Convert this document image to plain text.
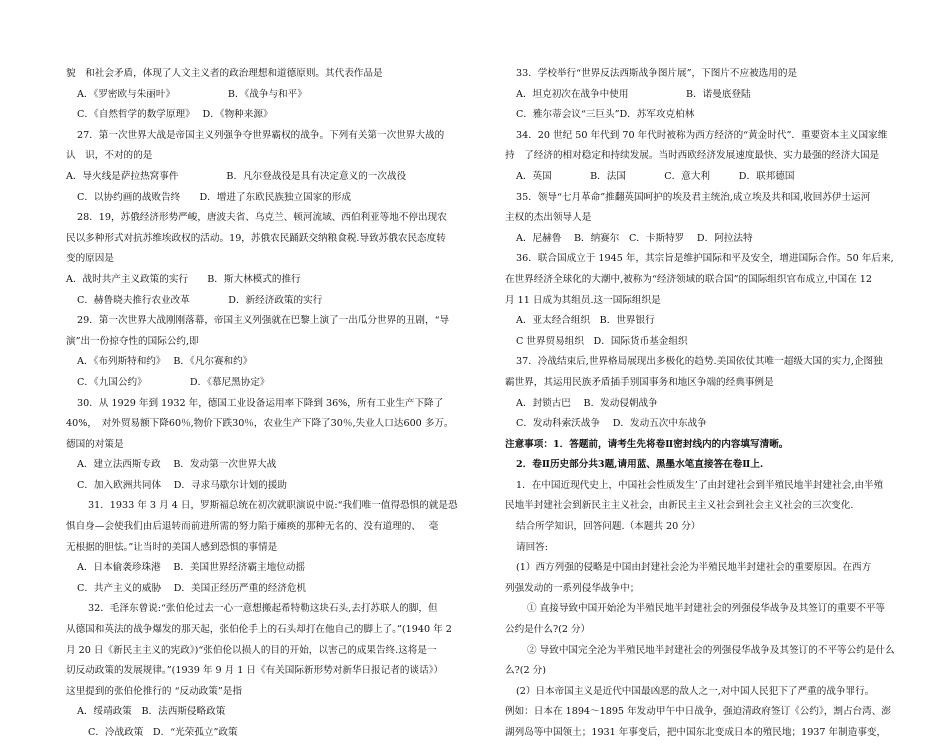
貌　和社会矛盾，体现了人文主义者的政治理想和道德原则。其代表作品是
A．《罗密欧与朱丽叶》　　　　　　B．《战争与和平》
C．《自然哲学的数学原理》　 D．《物种来源》
27．第一次世界大战是帝国主义列强争夺世界霸权的战争。下列有关第一次世界大战的
认　识，不对的的是
A．导火线是萨拉热窝事件　　　　　B．凡尔登战役是具有决定意义的一次战役
C．以协约画的战败告终　　D．增进了东欧民族独立国家的形成
28．19，苏俄经济形势严峻，唐波夫省、乌克兰、顿河流域、西伯利亚等地不停出现农
民以多种形式对抗苏维埃政权的活动。19，苏俄农民踊跃交纳粮食税.导致苏俄农民态度转
变的原因是
A．战时共产主义政策的实行　　B．斯大林模式的推行
C．赫鲁晓夫推行农业改革　　　　D．新经济政策的实行
29．第一次世界大战刚刚落幕，帝国主义列强就在巴黎上演了一出瓜分世界的丑剧，“导
演”出一份掠夺性的国际公约,即
A．《布列斯特和约》　 B．《凡尔赛和约》
C．《九国公约》　　　　　D．《慕尼黑协定》
30．从 1929 年到 1932 年，德国工业设备运用率下降到 36%，所有工业生产下降了
40%，　对外贸易额下降60％,物价下跌30％，农业生产下降了30％,失业人口达600 多万。
德国的对策是
A．建立法西斯专政　 B．发动第一次世界大战
C．加入欧洲共同体　 D．寻求马歇尔计划的援助
31．1933 年 3 月 4 日，罗斯福总统在初次就职演说中说:“我们唯一值得恐惧的就是恐
惧自身—会使我们由后退转而前进所需的努力陷于瘫痪的那种无名的、没有道理的、　 毫
无根据的胆怯。”让当时的美国人感到恐惧的事情是
A．日本偷袭珍珠港　 B．美国世界经济霸主地位动摇
C．共产主义的威胁　 D．美国正经历严重的经济危机
32．毛泽东曾说:“张伯伦过去一心一意想搬起希特勒这块石头,去打苏联人的脚，但
从德国和英法的战争爆发的那天起，张伯伦手上的石头却打在他自己的脚上了。”(1940 年 2
月 20 日《新民主主义的宪政》)“张伯伦以损人的目的开始，以害己的成果告终.这将是一
切反动政策的发展规律。”(1939 年 9 月 1 日《有关国际新形势对新华日报记者的谈话》）
这里提到的张伯伦推行的 “反动政策”是指
A．绥靖政策　B．法西斯侵略政策
C．冷战政策　D．“光荣孤立”政策
33．学校举行“世界反法西斯战争图片展”，下图片不应被选用的是
A．坦克初次在战争中使用　　　　　　B．诺曼底登陆
C．雅尔蒂会议“三巨头”D．苏军攻克柏林
34．20 世纪 50 年代到 70 年代时被称为西方经济的“黄金时代”．重要资本主义国家维
持　了经济的相对稳定和持续发展。当时西欧经济发展速度最快、实力最强的经济大国是
A．英国　　　　B．法国　　　　C．意大利　　　D．联邦德国
35．领导“七月革命”推翻英国呵护的埃及君主统治,成立埃及共和国,收回苏伊士运河
主权的杰出领导人是
A．尼赫鲁　 B．纳赛尔　C．卡斯特罗　 D．阿拉法特
36．联合国成立于 1945 年，其宗旨是维护国际和平及安全，增进国际合作。50 年后来,
在世界经济全球化的大潮中,被称为“经济领域的联合国”的国际组织官布成立,中国在 12
月 11 日成为其组员.这一国际组织是
A．亚太经合组织　B．世界银行
C 世界贸易组织　D．国际货币基金组织
37．冷战结束后,世界格局展现出多极化的趋势.美国依仗其唯一超级大国的实力,企图独
霸世界，其运用民族矛盾插手别国事务和地区争端的经典事例是
A．封锁古巴　 B．发动侵朝战争
C．发动科索沃战争　 D．发动五次中东战争
注意事项：1．答题前，请考生先将卷Ⅱ密封线内的内容填写清晰。
2．卷Ⅱ历史部分共3题,请用蓝、黑墨水笔直接答在卷Ⅱ上.
1．在中国近现代史上，中国社会性质发生’了由封建社会到半殖民地半封建社会,由半殖
民地半封建社会到新民主主义社会，由新民主主义社会到社会主义社会的三次变化.
结合所学知识，回答问题.（本题共 20 分）
请回答:
(1）西方列强的侵略是中国由封建社会沦为半殖民地半封建社会的重要原因。在西方
列强发动的一系列侵华战争中；
① 直接导致中国开始沦为半殖民地半封建社会的列强侵华战争及其签订的重要不平等
公约是什么?(2 分）
② 导致中国完全沦为半殖民地半封建社会的列强侵华战争及其签订的不平等公约是什么
么?(2 分)
(2）日本帝国主义是近代中国最凶恶的敌人之一,对中国人民犯下了严重的战争罪行。
例如：日本在 1894～1895 年发动甲午中日战争，强迫清政府签订《公约》，割占台湾、澎
湖列岛等中国领土；1931 年事变后，把中国东北变成日本的殖民地；1937 年制造事变，
